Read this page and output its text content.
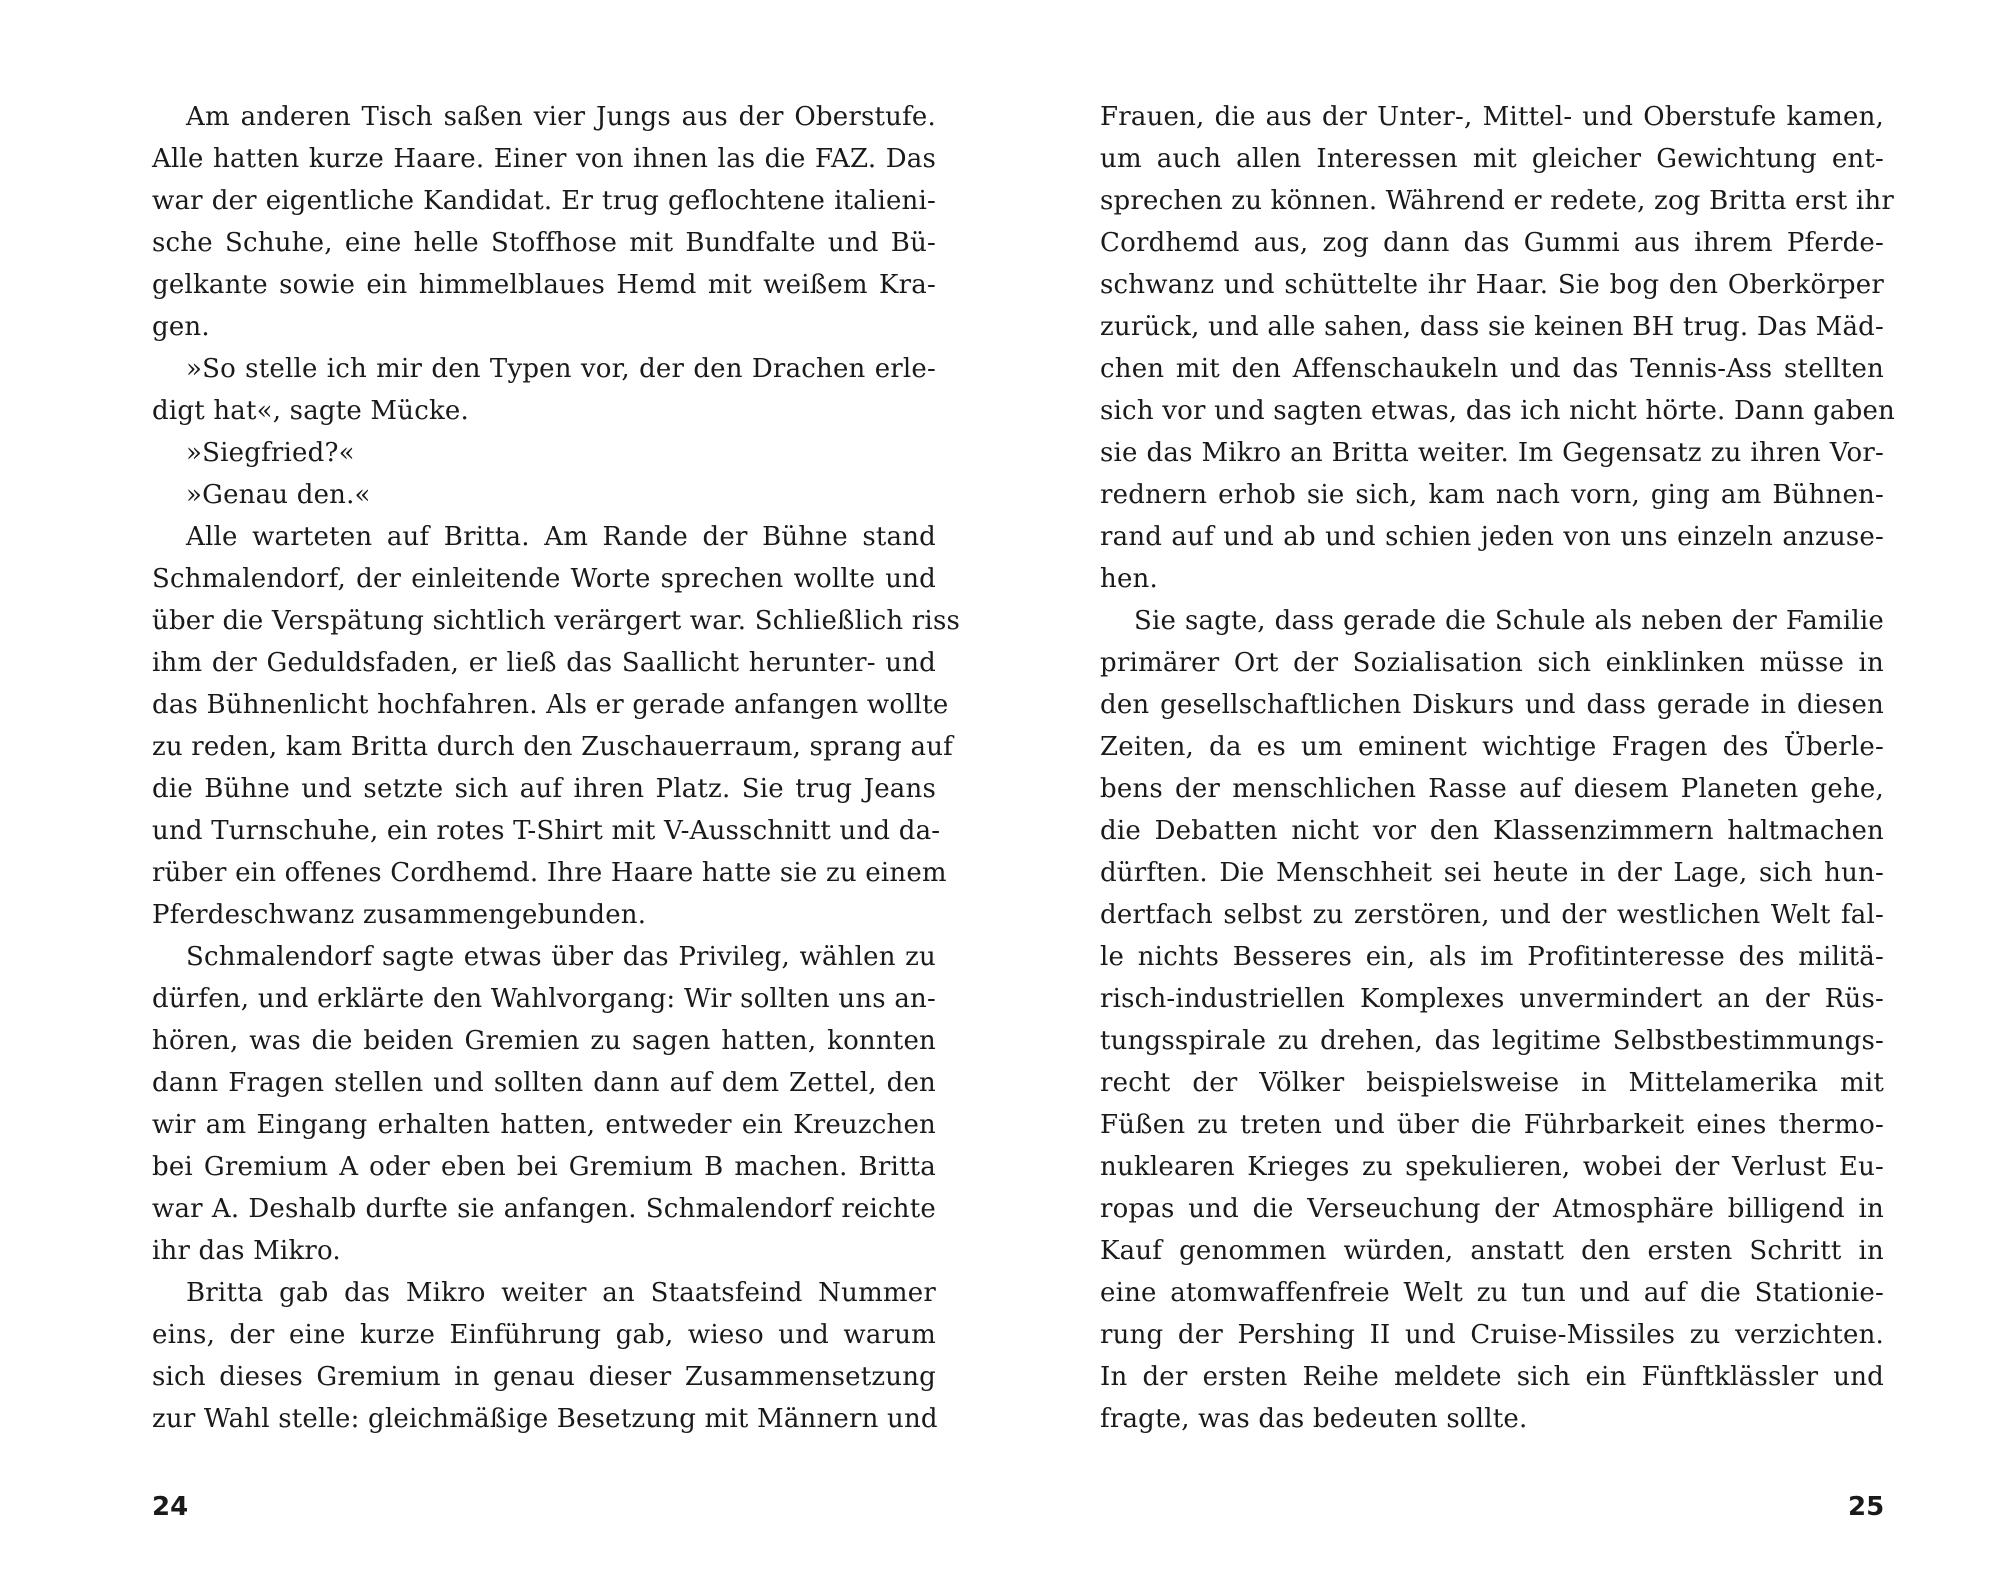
Am anderen Tisch saßen vier Jungs aus der Oberstufe.
Alle hatten kurze Haare. Einer von ihnen las die FAZ. Das
war der eigentliche Kandidat. Er trug geflochtene italieni-
sche Schuhe, eine helle Stoffhose mit Bundfalte und Bü-
gelkante sowie ein himmelblaues Hemd mit weißem Kra-
gen.
»So stelle ich mir den Typen vor, der den Drachen erle-
digt hat«, sagte Mücke.
»Siegfried?«
»Genau den.«
Alle warteten auf Britta. Am Rande der Bühne stand
Schmalendorf, der einleitende Worte sprechen wollte und
über die Verspätung sichtlich verärgert war. Schließlich riss
ihm der Geduldsfaden, er ließ das Saallicht herunter- und
das Bühnenlicht hochfahren. Als er gerade anfangen wollte
zu reden, kam Britta durch den Zuschauerraum, sprang auf
die Bühne und setzte sich auf ihren Platz. Sie trug Jeans
und Turnschuhe, ein rotes T-Shirt mit V-Ausschnitt und da-
rüber ein offenes Cordhemd. Ihre Haare hatte sie zu einem
Pferdeschwanz zusammengebunden.
Schmalendorf sagte etwas über das Privileg, wählen zu
dürfen, und erklärte den Wahlvorgang: Wir sollten uns an-
hören, was die beiden Gremien zu sagen hatten, konnten
dann Fragen stellen und sollten dann auf dem Zettel, den
wir am Eingang erhalten hatten, entweder ein Kreuzchen
bei Gremium A oder eben bei Gremium B machen. Britta
war A. Deshalb durfte sie anfangen. Schmalendorf reichte
ihr das Mikro.
Britta gab das Mikro weiter an Staatsfeind Nummer
eins, der eine kurze Einführung gab, wieso und warum
sich dieses Gremium in genau dieser Zusammensetzung
zur Wahl stelle: gleichmäßige Besetzung mit Männern und
Frauen, die aus der Unter-, Mittel- und Oberstufe kamen,
um auch allen Interessen mit gleicher Gewichtung ent-
sprechen zu können. Während er redete, zog Britta erst ihr
Cordhemd aus, zog dann das Gummi aus ihrem Pferde-
schwanz und schüttelte ihr Haar. Sie bog den Oberkörper
zurück, und alle sahen, dass sie keinen BH trug. Das Mäd-
chen mit den Affenschaukeln und das Tennis-Ass stellten
sich vor und sagten etwas, das ich nicht hörte. Dann gaben
sie das Mikro an Britta weiter. Im Gegensatz zu ihren Vor-
rednern erhob sie sich, kam nach vorn, ging am Bühnen-
rand auf und ab und schien jeden von uns einzeln anzuse-
hen.
Sie sagte, dass gerade die Schule als neben der Familie
primärer Ort der Sozialisation sich einklinken müsse in
den gesellschaftlichen Diskurs und dass gerade in diesen
Zeiten, da es um eminent wichtige Fragen des Überle-
bens der menschlichen Rasse auf diesem Planeten gehe,
die Debatten nicht vor den Klassenzimmern haltmachen
dürften. Die Menschheit sei heute in der Lage, sich hun-
dertfach selbst zu zerstören, und der westlichen Welt fal-
le nichts Besseres ein, als im Profitinteresse des militä-
risch-industriellen Komplexes unvermindert an der Rüs-
tungsspirale zu drehen, das legitime Selbstbestimmungs-
recht der Völker beispielsweise in Mittelamerika mit
Füßen zu treten und über die Führbarkeit eines thermo-
nuklearen Krieges zu spekulieren, wobei der Verlust Eu-
ropas und die Verseuchung der Atmosphäre billigend in
Kauf genommen würden, anstatt den ersten Schritt in
eine atomwaffenfreie Welt zu tun und auf die Stationie-
rung der Pershing II und Cruise-Missiles zu verzichten.
In der ersten Reihe meldete sich ein Fünftklässler und
fragte, was das bedeuten sollte.
24	25
